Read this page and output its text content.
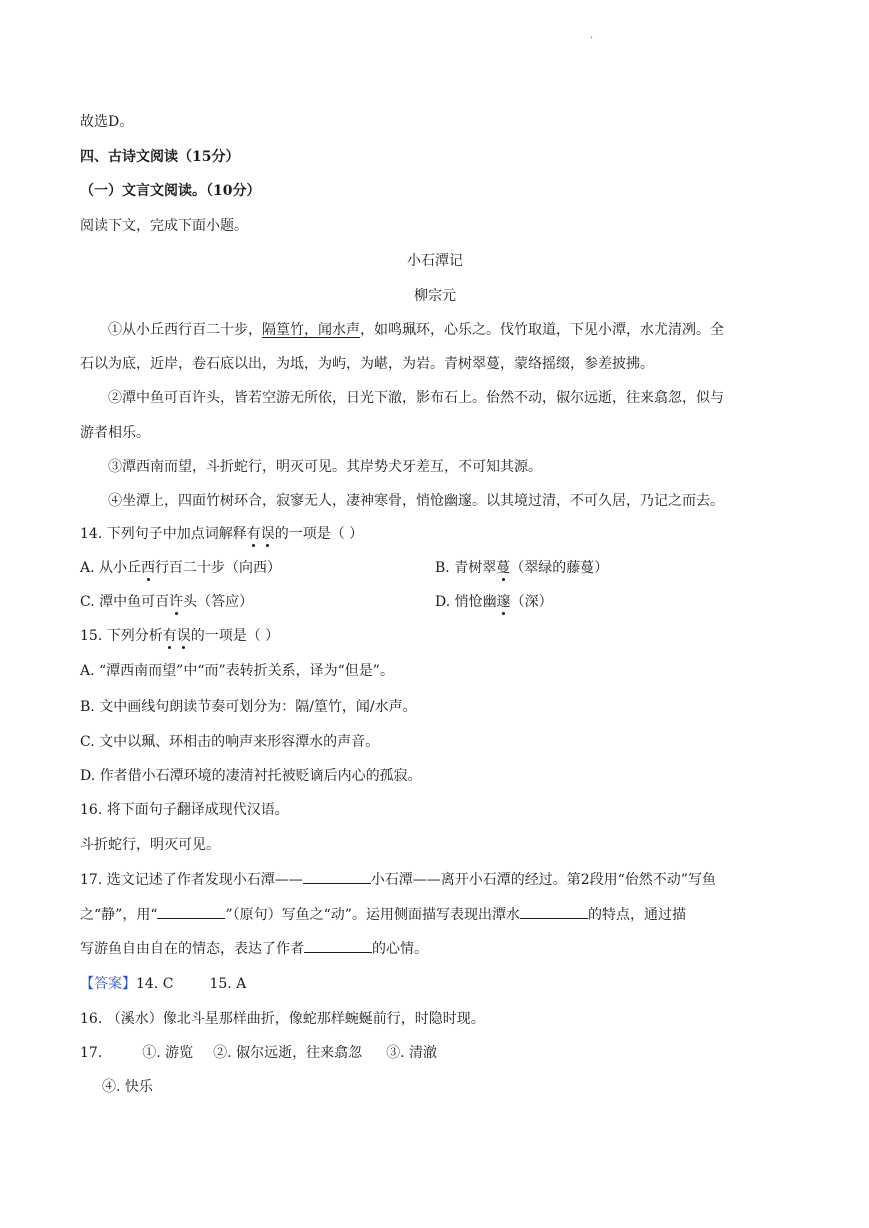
.
故选D。
四、古诗文阅读（15分）
（一）文言文阅读。（10分）
阅读下文，完成下面小题。
小石潭记
柳宗元
①从小丘西行百二十步，隔篁竹，闻水声，如鸣珮环，心乐之。伐竹取道，下见小潭，水尤清冽。全
石以为底，近岸，卷石底以出，为坻，为屿，为嵁，为岩。青树翠蔓，蒙络摇缀，参差披拂。
②潭中鱼可百许头，皆若空游无所依，日光下澈，影布石上。佁然不动，俶尔远逝，往来翕忽，似与
游者相乐。
③潭西南而望，斗折蛇行，明灭可见。其岸势犬牙差互，不可知其源。
④坐潭上，四面竹树环合，寂寥无人，凄神寒骨，悄怆幽邃。以其境过清，不可久居，乃记之而去。
14. 下列句子中加点词解释有误的一项是（ ）
A. 从小丘西行百二十步（向西）	B. 青树翠蔓（翠绿的藤蔓）
C. 潭中鱼可百许头（答应）	D. 悄怆幽邃（深）
15. 下列分析有误的一项是（ ）
A. “潭西南而望”中“而”表转折关系，译为“但是”。
B. 文中画线句朗读节奏可划分为：隔/篁竹，闻/水声。
C. 文中以珮、环相击的响声来形容潭水的声音。
D. 作者借小石潭环境的凄清衬托被贬谪后内心的孤寂。
16. 将下面句子翻译成现代汉语。
斗折蛇行，明灭可见。
17. 选文记述了作者发现小石潭——	小石潭——离开小石潭的经过。第2段用“佁然不动”写鱼
之“静”，用“	”（原句）写鱼之“动”。运用侧面描写表现出潭水	的特点，通过描
写游鱼自由自在的情态，表达了作者	的心情。
【答案】14. C	15. A
16. （溪水）像北斗星那样曲折，像蛇那样蜿蜒前行，时隐时现。
17.	①. 游览 ②. 俶尔远逝，往来翕忽 ③. 清澈
④. 快乐
